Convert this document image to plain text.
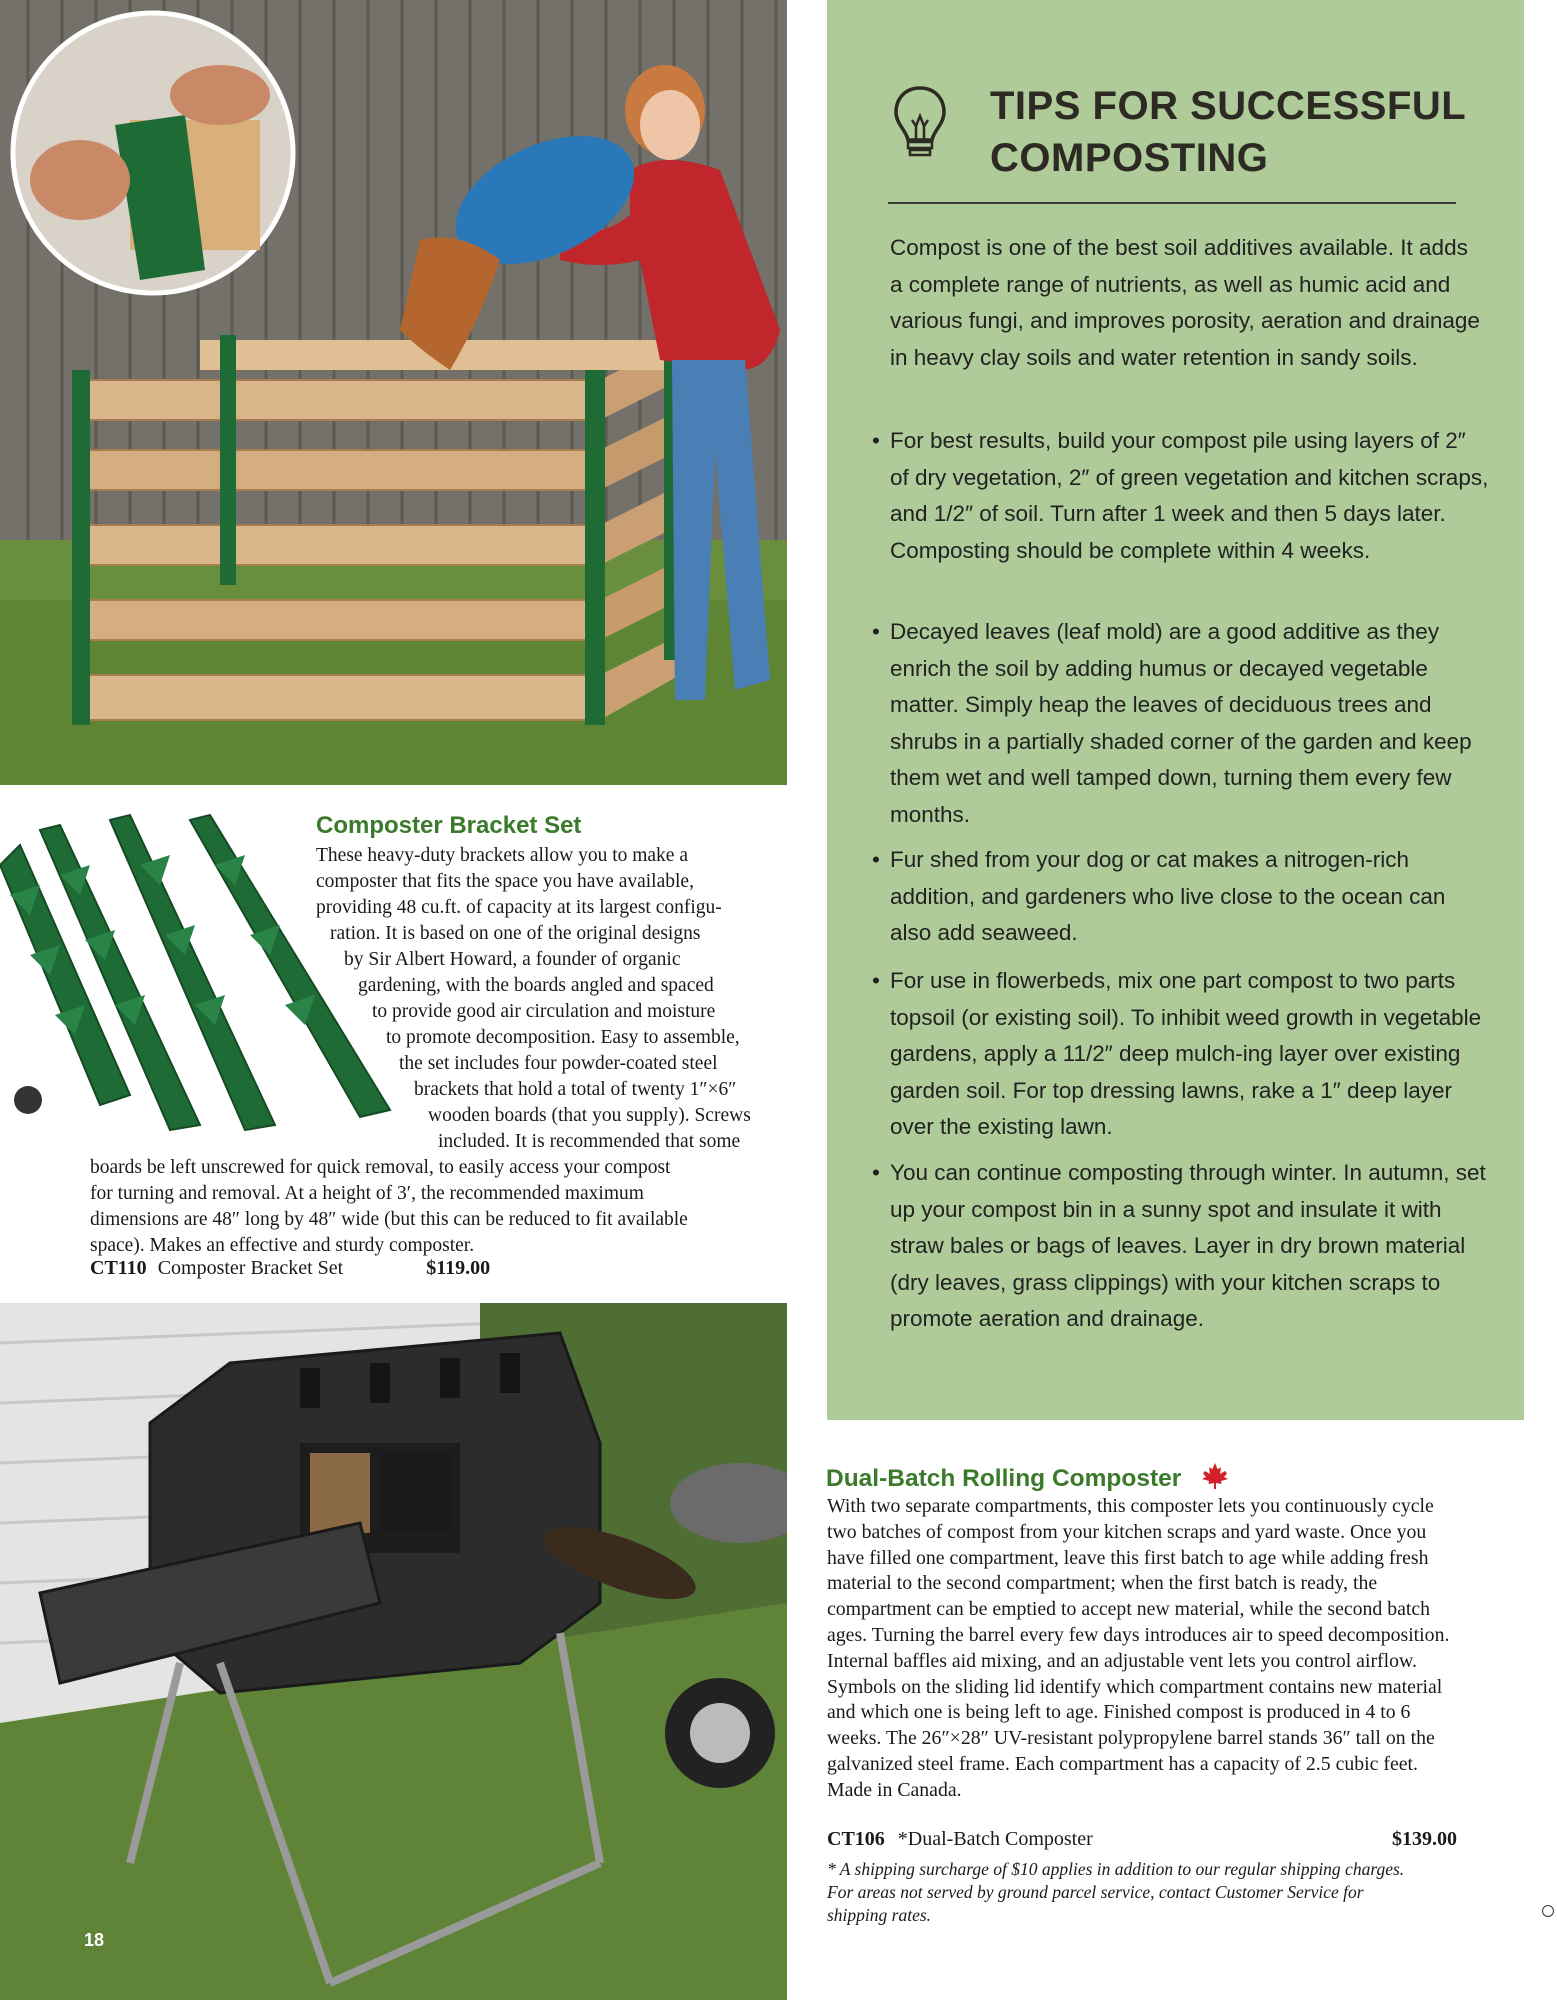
TIPS FOR SUCCESSFUL
COMPOSTING
Compost is one of the best soil additives available. It adds a complete range of nutrients, as well as humic acid and various fungi, and improves porosity, aeration and drainage in heavy clay soils and water retention in sandy soils.
• For best results, build your compost pile using layers of 2″ of dry vegetation, 2″ of green vegetation and kitchen scraps, and 1/2″ of soil. Turn after 1 week and then 5 days later. Composting should be complete within 4 weeks.
• Decayed leaves (leaf mold) are a good additive as they enrich the soil by adding humus or decayed vegetable matter. Simply heap the leaves of deciduous trees and shrubs in a partially shaded corner of the garden and keep them wet and well tamped down, turning them every few months.
• Fur shed from your dog or cat makes a nitrogen-rich addition, and gardeners who live close to the ocean can also add seaweed.
• For use in flowerbeds, mix one part compost to two parts topsoil (or existing soil). To inhibit weed growth in vegetable gardens, apply a 11/2″ deep mulch-ing layer over existing garden soil. For top dressing lawns, rake a 1″ deep layer over the existing lawn.
• You can continue composting through winter. In autumn, set up your compost bin in a sunny spot and insulate it with straw bales or bags of leaves. Layer in dry brown material (dry leaves, grass clippings) with your kitchen scraps to promote aeration and drainage.
Composter Bracket Set
These heavy-duty brackets allow you to make a
composter that fits the space you have available,
providing 48 cu.ft. of capacity at its largest configu-
ration. It is based on one of the original designs
by Sir Albert Howard, a founder of organic
gardening, with the boards angled and spaced
to provide good air circulation and moisture
to promote decomposition. Easy to assemble,
the set includes four powder-coated steel
brackets that hold a total of twenty 1″×6″
wooden boards (that you supply). Screws
included. It is recommended that some
boards be left unscrewed for quick removal, to easily access your compost
for turning and removal. At a height of 3′, the recommended maximum
dimensions are 48″ long by 48″ wide (but this can be reduced to fit available
space). Makes an effective and sturdy composter.
CT110 Composter Bracket Set	$119.00
18
Dual-Batch Rolling Composter
With two separate compartments, this composter lets you continuously cycle two batches of compost from your kitchen scraps and yard waste. Once you have filled one compartment, leave this first batch to age while adding fresh material to the second compartment; when the first batch is ready, the compartment can be emptied to accept new material, while the second batch ages. Turning the barrel every few days introduces air to speed decomposition. Internal baffles aid mixing, and an adjustable vent lets you control airflow. Symbols on the sliding lid identify which compartment contains new material and which one is being left to age. Finished compost is produced in 4 to 6 weeks. The 26″×28″ UV-resistant polypropylene barrel stands 36″ tall on the galvanized steel frame. Each compartment has a capacity of 2.5 cubic feet. Made in Canada.
CT106 *Dual-Batch Composter	$139.00
* A shipping surcharge of $10 applies in addition to our regular shipping charges. For areas not served by ground parcel service, contact Customer Service for shipping rates.
